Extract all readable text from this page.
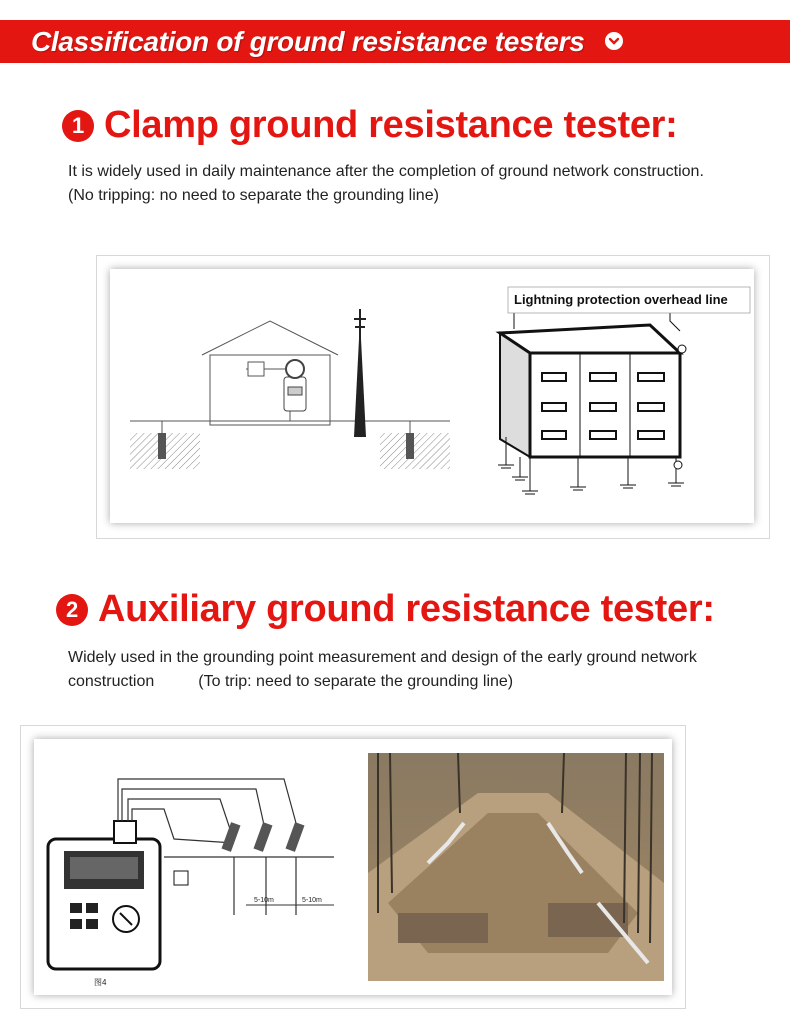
Classification of ground resistance testers
1 Clamp ground resistance tester:
It is widely used in daily maintenance after the completion of ground network construction.
(No tripping: no need to separate the grounding line)
Lightning protection overhead line
2 Auxiliary ground resistance tester:
Widely used in the grounding point measurement and design of the early ground network
construction	(To trip: need to separate the grounding line)
5-10m	5-10m
图4
